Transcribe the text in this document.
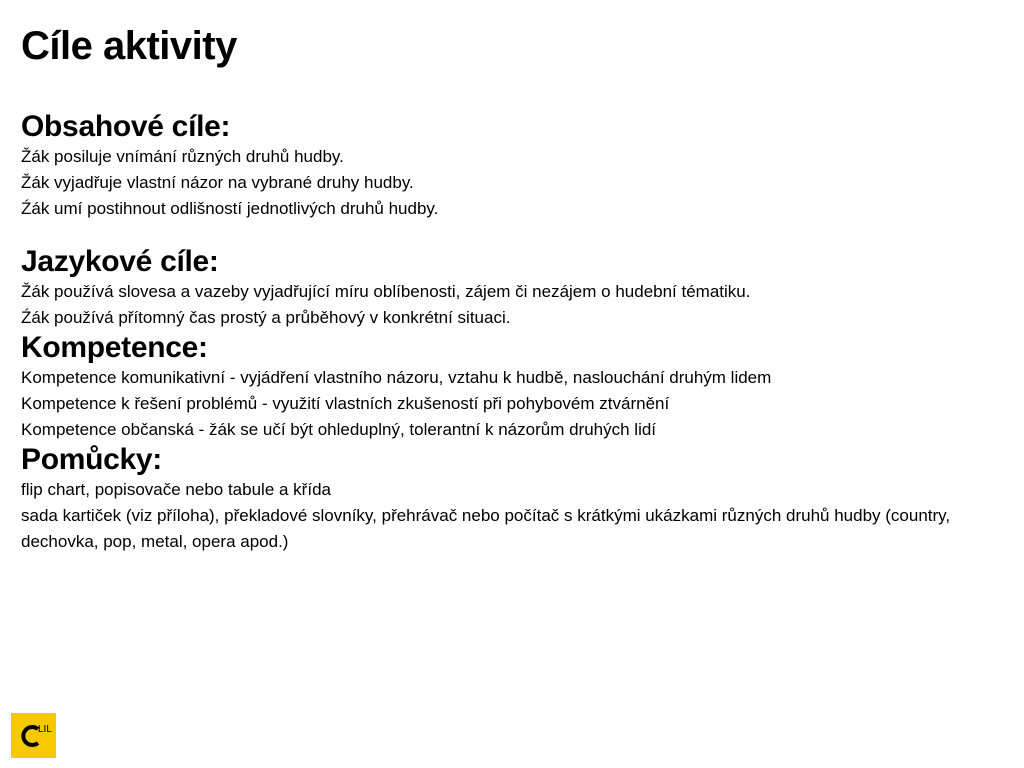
Cíle aktivity
Obsahové cíle:

Žák posiluje vnímání různých druhů hudby.

Žák vyjadřuje vlastní názor na vybrané druhy hudby.

Źák umí postihnout odlišností jednotlivých druhů hudby.

Jazykové cíle:

Žák používá slovesa a vazeby vyjadřující míru oblíbenosti, zájem či nezájem o hudební tématiku.

Źák používá přítomný čas prostý a průběhový v konkrétní situaci.

Kompetence:

Kompetence komunikativní - vyjádření vlastního názoru, vztahu k hudbě, naslouchání druhým lidem

Kompetence k řešení problémů - využití vlastních zkušeností při pohybovém ztvárnění

Kompetence občanská - žák se učí být ohleduplný, tolerantní k názorům druhých lidí

Pomůcky:

flip chart, popisovače nebo tabule a křída

sada kartiček (viz příloha), překladové slovníky, přehrávač nebo počítač s krátkými ukázkami různých druhů hudby (country, dechovka, pop, metal, opera apod.)

LIL
